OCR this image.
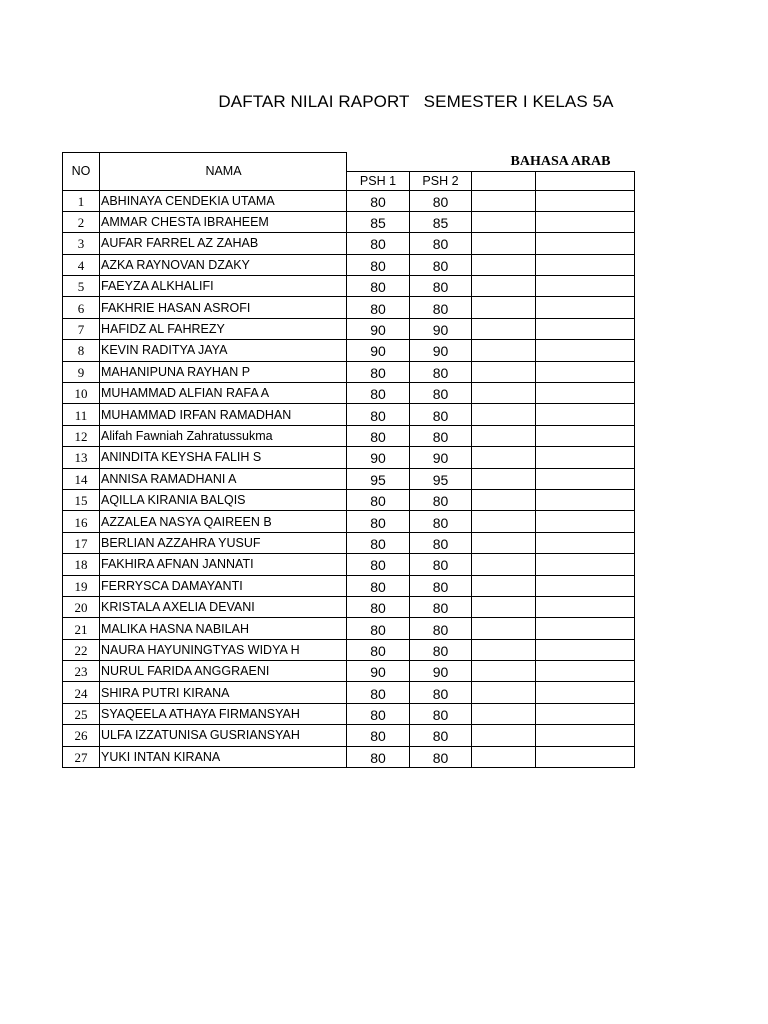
DAFTAR NILAI RAPORT   SEMESTER I KELAS 5A
NO	NAMA	BAHASA ARAB			
		PSH 1	PSH 2		
1	ABHINAYA CENDEKIA UTAMA	80	80		
2	AMMAR CHESTA IBRAHEEM	85	85		
3	AUFAR FARREL AZ ZAHAB	80	80		
4	AZKA RAYNOVAN DZAKY	80	80		
5	FAEYZA ALKHALIFI	80	80		
6	FAKHRIE HASAN ASROFI	80	80		
7	HAFIDZ AL FAHREZY	90	90		
8	KEVIN RADITYA JAYA	90	90		
9	MAHANIPUNA RAYHAN P	80	80		
10	MUHAMMAD ALFIAN RAFA A	80	80		
11	MUHAMMAD IRFAN RAMADHAN	80	80		
12	Alifah Fawniah Zahratussukma	80	80		
13	ANINDITA KEYSHA FALIH S	90	90		
14	ANNISA RAMADHANI A	95	95		
15	AQILLA KIRANIA BALQIS	80	80		
16	AZZALEA NASYA QAIREEN B	80	80		
17	BERLIAN AZZAHRA YUSUF	80	80		
18	FAKHIRA AFNAN JANNATI	80	80		
19	FERRYSCA DAMAYANTI	80	80		
20	KRISTALA AXELIA DEVANI	80	80		
21	MALIKA HASNA NABILAH	80	80		
22	NAURA HAYUNINGTYAS WIDYA H	80	80		
23	NURUL FARIDA ANGGRAENI	90	90		
24	SHIRA PUTRI KIRANA	80	80		
25	SYAQEELA ATHAYA FIRMANSYAH	80	80		
26	ULFA IZZATUNISA GUSRIANSYAH	80	80		
27	YUKI INTAN KIRANA	80	80		
